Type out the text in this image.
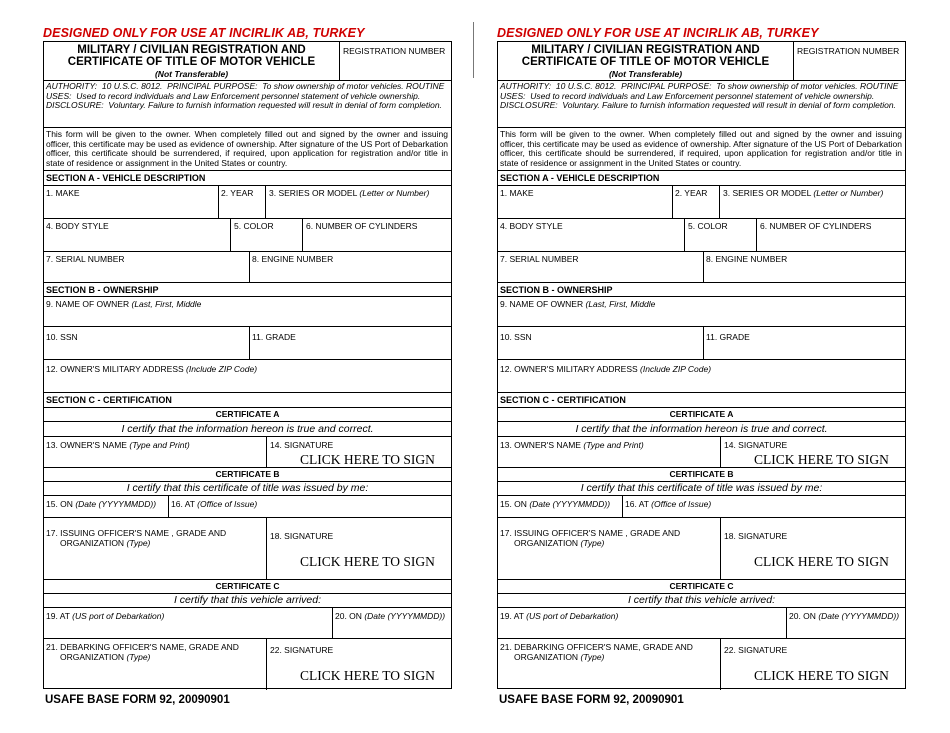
DESIGNED ONLY FOR USE AT INCIRLIK AB, TURKEY
MILITARY / CIVILIAN REGISTRATION AND
CERTIFICATE OF TITLE OF MOTOR VEHICLE
(Not Transferable)
REGISTRATION NUMBER
AUTHORITY: 10 U.S.C. 8012. PRINCIPAL PURPOSE: To show ownership of motor vehicles. ROUTINE USES: Used to record individuals and Law Enforcement personnel statement of vehicle ownership.  DISCLOSURE: Voluntary. Failure to furnish information requested will result in denial of form completion.
This form will be given to the owner. When completely filled out and signed by the owner and issuing officer, this certificate may be used as evidence of ownership. After signature of the US Port of Debarkation officer, this certificate should be surrendered, if required, upon application for registration and/or title in state of residence or assignment in the United States or country.
SECTION A - VEHICLE DESCRIPTION
1. MAKE	2. YEAR 3. SERIES OR MODEL (Letter or Number)
4. BODY STYLE	5. COLOR	6. NUMBER OF CYLINDERS
7. SERIAL NUMBER	8. ENGINE NUMBER
SECTION B - OWNERSHIP
9. NAME OF OWNER (Last, First, Middle
10. SSN	11. GRADE
12. OWNER'S MILITARY ADDRESS (Include ZIP Code)
SECTION C - CERTIFICATION
CERTIFICATE A
I certify that the information hereon is true and correct.
13. OWNER'S NAME (Type and Print)	14. SIGNATURE
CLICK HERE TO SIGN
CERTIFICATE B
I certify that this certificate of title was issued by me:
15. ON (Date (YYYYMMDD)) 16. AT (Office of Issue)
17. ISSUING OFFICER'S NAME , GRADE AND
ORGANIZATION (Type)
18. SIGNATURE
CLICK HERE TO SIGN
CERTIFICATE C
I certify that this vehicle arrived:
19. AT (US port of Debarkation)	20. ON (Date (YYYYMMDD))
21. DEBARKING OFFICER'S NAME, GRADE AND
ORGANIZATION (Type)
22. SIGNATURE
CLICK HERE TO SIGN
USAFE BASE FORM 92, 20090901
DESIGNED ONLY FOR USE AT INCIRLIK AB, TURKEY
MILITARY / CIVILIAN REGISTRATION AND
CERTIFICATE OF TITLE OF MOTOR VEHICLE
(Not Transferable)
REGISTRATION NUMBER
AUTHORITY: 10 U.S.C. 8012. PRINCIPAL PURPOSE: To show ownership of motor vehicles. ROUTINE USES: Used to record individuals and Law Enforcement personnel statement of vehicle ownership.  DISCLOSURE: Voluntary. Failure to furnish information requested will result in denial of form completion.
This form will be given to the owner. When completely filled out and signed by the owner and issuing officer, this certificate may be used as evidence of ownership. After signature of the US Port of Debarkation officer, this certificate should be surrendered, if required, upon application for registration and/or title in state of residence or assignment in the United States or country.
SECTION A - VEHICLE DESCRIPTION
1. MAKE	2. YEAR 3. SERIES OR MODEL (Letter or Number)
4. BODY STYLE	5. COLOR	6. NUMBER OF CYLINDERS
7. SERIAL NUMBER	8. ENGINE NUMBER
SECTION B - OWNERSHIP
9. NAME OF OWNER (Last, First, Middle
10. SSN	11. GRADE
12. OWNER'S MILITARY ADDRESS (Include ZIP Code)
SECTION C - CERTIFICATION
CERTIFICATE A
I certify that the information hereon is true and correct.
13. OWNER'S NAME (Type and Print)	14. SIGNATURE
CLICK HERE TO SIGN
CERTIFICATE B
I certify that this certificate of title was issued by me:
15. ON (Date (YYYYMMDD)) 16. AT (Office of Issue)
17. ISSUING OFFICER'S NAME , GRADE AND
ORGANIZATION (Type)
18. SIGNATURE
CLICK HERE TO SIGN
CERTIFICATE C
I certify that this vehicle arrived:
19. AT (US port of Debarkation)	20. ON (Date (YYYYMMDD))
21. DEBARKING OFFICER'S NAME, GRADE AND
ORGANIZATION (Type)
22. SIGNATURE
CLICK HERE TO SIGN
USAFE BASE FORM 92, 20090901
